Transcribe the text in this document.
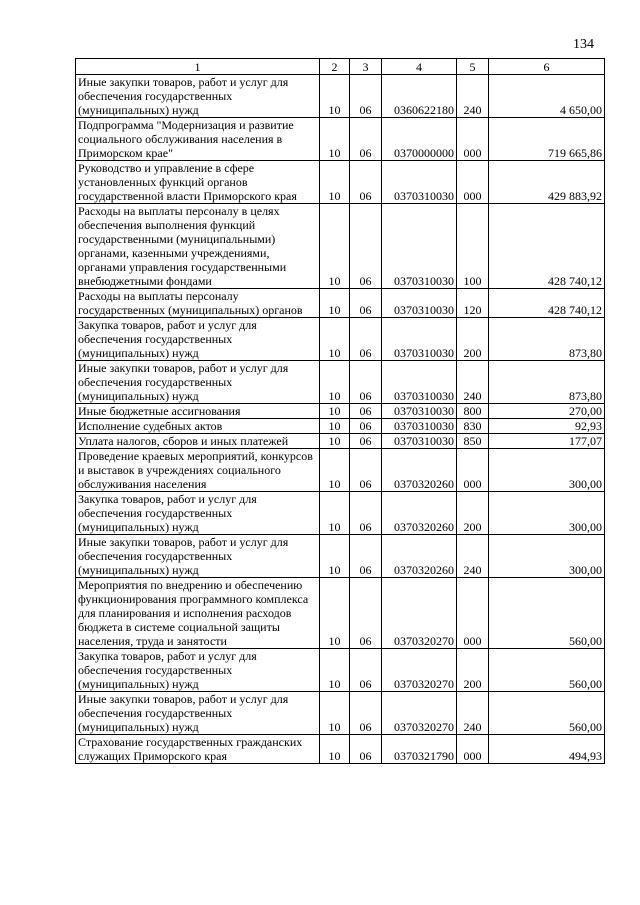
134
1	2	3	4	5	6
Иные закупки товаров, работ и услуг для обеспечения государственных (муниципальных) нужд	10	06	0360622180	240	4 650,00
Подпрограмма "Модернизация и развитие социального обслуживания населения в Приморском крае"	10	06	0370000000	000	719 665,86
Руководство и управление в сфере установленных функций органов государственной власти Приморского края	10	06	0370310030	000	429 883,92
Расходы на выплаты персоналу в целях обеспечения выполнения функций государственными (муниципальными) органами, казенными учреждениями, органами управления государственными внебюджетными фондами	10	06	0370310030	100	428 740,12
Расходы на выплаты персоналу государственных (муниципальных) органов	10	06	0370310030	120	428 740,12
Закупка товаров, работ и услуг для обеспечения государственных (муниципальных) нужд	10	06	0370310030	200	873,80
Иные закупки товаров, работ и услуг для обеспечения государственных (муниципальных) нужд	10	06	0370310030	240	873,80
Иные бюджетные ассигнования	10	06	0370310030	800	270,00
Исполнение судебных актов	10	06	0370310030	830	92,93
Уплата налогов, сборов и иных платежей	10	06	0370310030	850	177,07
Проведение краевых мероприятий, конкурсов и выставок в учреждениях социального обслуживания населения	10	06	0370320260	000	300,00
Закупка товаров, работ и услуг для обеспечения государственных (муниципальных) нужд	10	06	0370320260	200	300,00
Иные закупки товаров, работ и услуг для обеспечения государственных (муниципальных) нужд	10	06	0370320260	240	300,00
Мероприятия по внедрению и обеспечению функционирования программного комплекса для планирования и исполнения расходов бюджета в системе социальной защиты населения, труда и занятости	10	06	0370320270	000	560,00
Закупка товаров, работ и услуг для обеспечения государственных (муниципальных) нужд	10	06	0370320270	200	560,00
Иные закупки товаров, работ и услуг для обеспечения государственных (муниципальных) нужд	10	06	0370320270	240	560,00
Страхование государственных гражданских служащих Приморского края	10	06	0370321790	000	494,93
